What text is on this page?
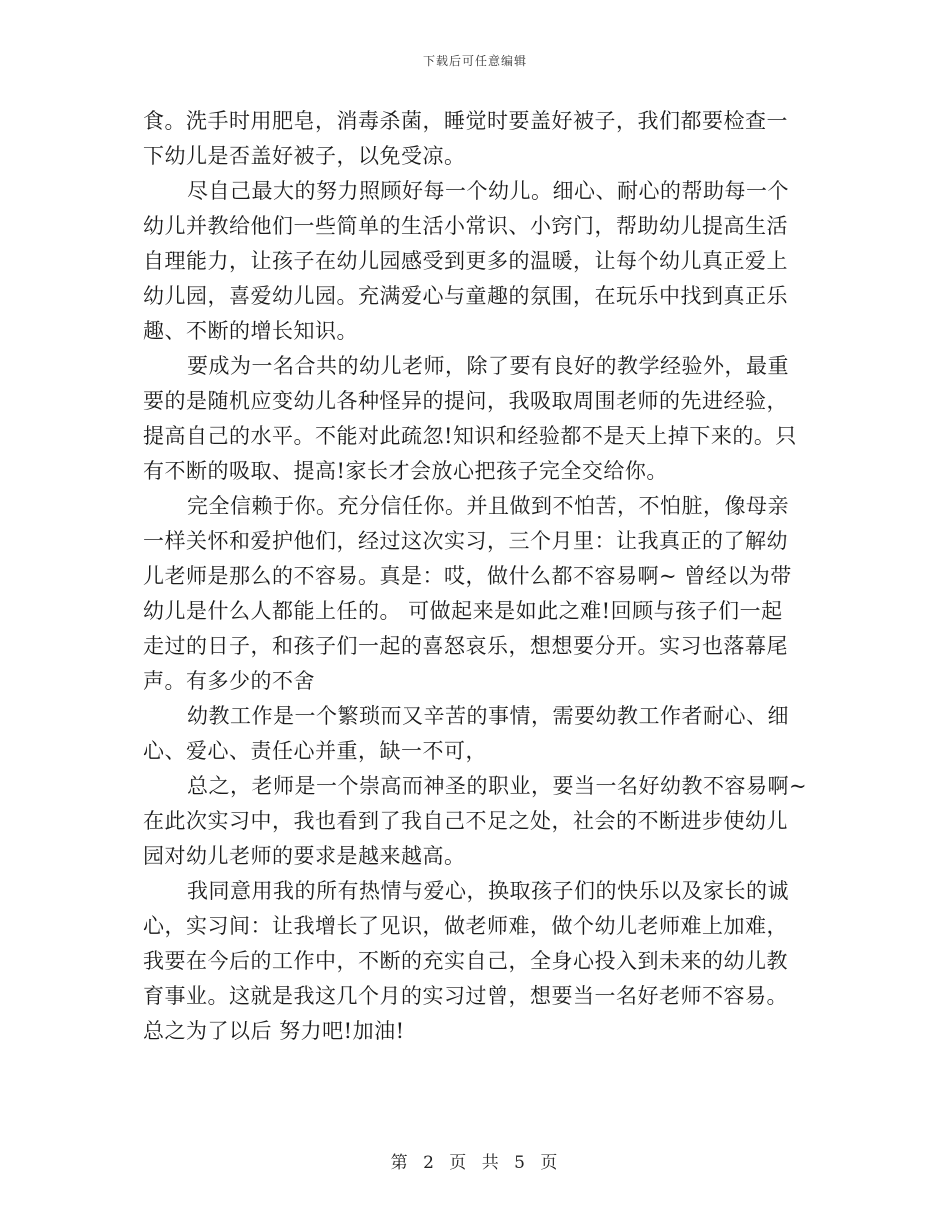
下载后可任意编辑
食。洗手时用肥皂，消毒杀菌，睡觉时要盖好被子，我们都要检查一
下幼儿是否盖好被子，以免受凉。
尽自己最大的努力照顾好每一个幼儿。细心、耐心的帮助每一个
幼儿并教给他们一些简单的生活小常识、小窍门，帮助幼儿提高生活
自理能力，让孩子在幼儿园感受到更多的温暖，让每个幼儿真正爱上
幼儿园，喜爱幼儿园。充满爱心与童趣的氛围，在玩乐中找到真正乐
趣、不断的增长知识。
要成为一名合共的幼儿老师，除了要有良好的教学经验外，最重
要的是随机应变幼儿各种怪异的提问，我吸取周围老师的先进经验，
提高自己的水平。不能对此疏忽!知识和经验都不是天上掉下来的。只
有不断的吸取、提高!家长才会放心把孩子完全交给你。
完全信赖于你。充分信任你。并且做到不怕苦，不怕脏，像母亲
一样关怀和爱护他们，经过这次实习，三个月里：让我真正的了解幼
儿老师是那么的不容易。真是：哎，做什么都不容易啊~ 曾经以为带
幼儿是什么人都能上任的。 可做起来是如此之难!回顾与孩子们一起
走过的日子，和孩子们一起的喜怒哀乐，想想要分开。实习也落幕尾
声。有多少的不舍
幼教工作是一个繁琐而又辛苦的事情，需要幼教工作者耐心、细
心、爱心、责任心并重，缺一不可，
总之，老师是一个崇高而神圣的职业，要当一名好幼教不容易啊~
在此次实习中，我也看到了我自己不足之处，社会的不断进步使幼儿
园对幼儿老师的要求是越来越高。
我同意用我的所有热情与爱心，换取孩子们的快乐以及家长的诚
心，实习间：让我增长了见识，做老师难，做个幼儿老师难上加难，
我要在今后的工作中，不断的充实自己，全身心投入到未来的幼儿教
育事业。这就是我这几个月的实习过曾，想要当一名好老师不容易。
总之为了以后 努力吧!加油!
第 2 页 共 5 页
